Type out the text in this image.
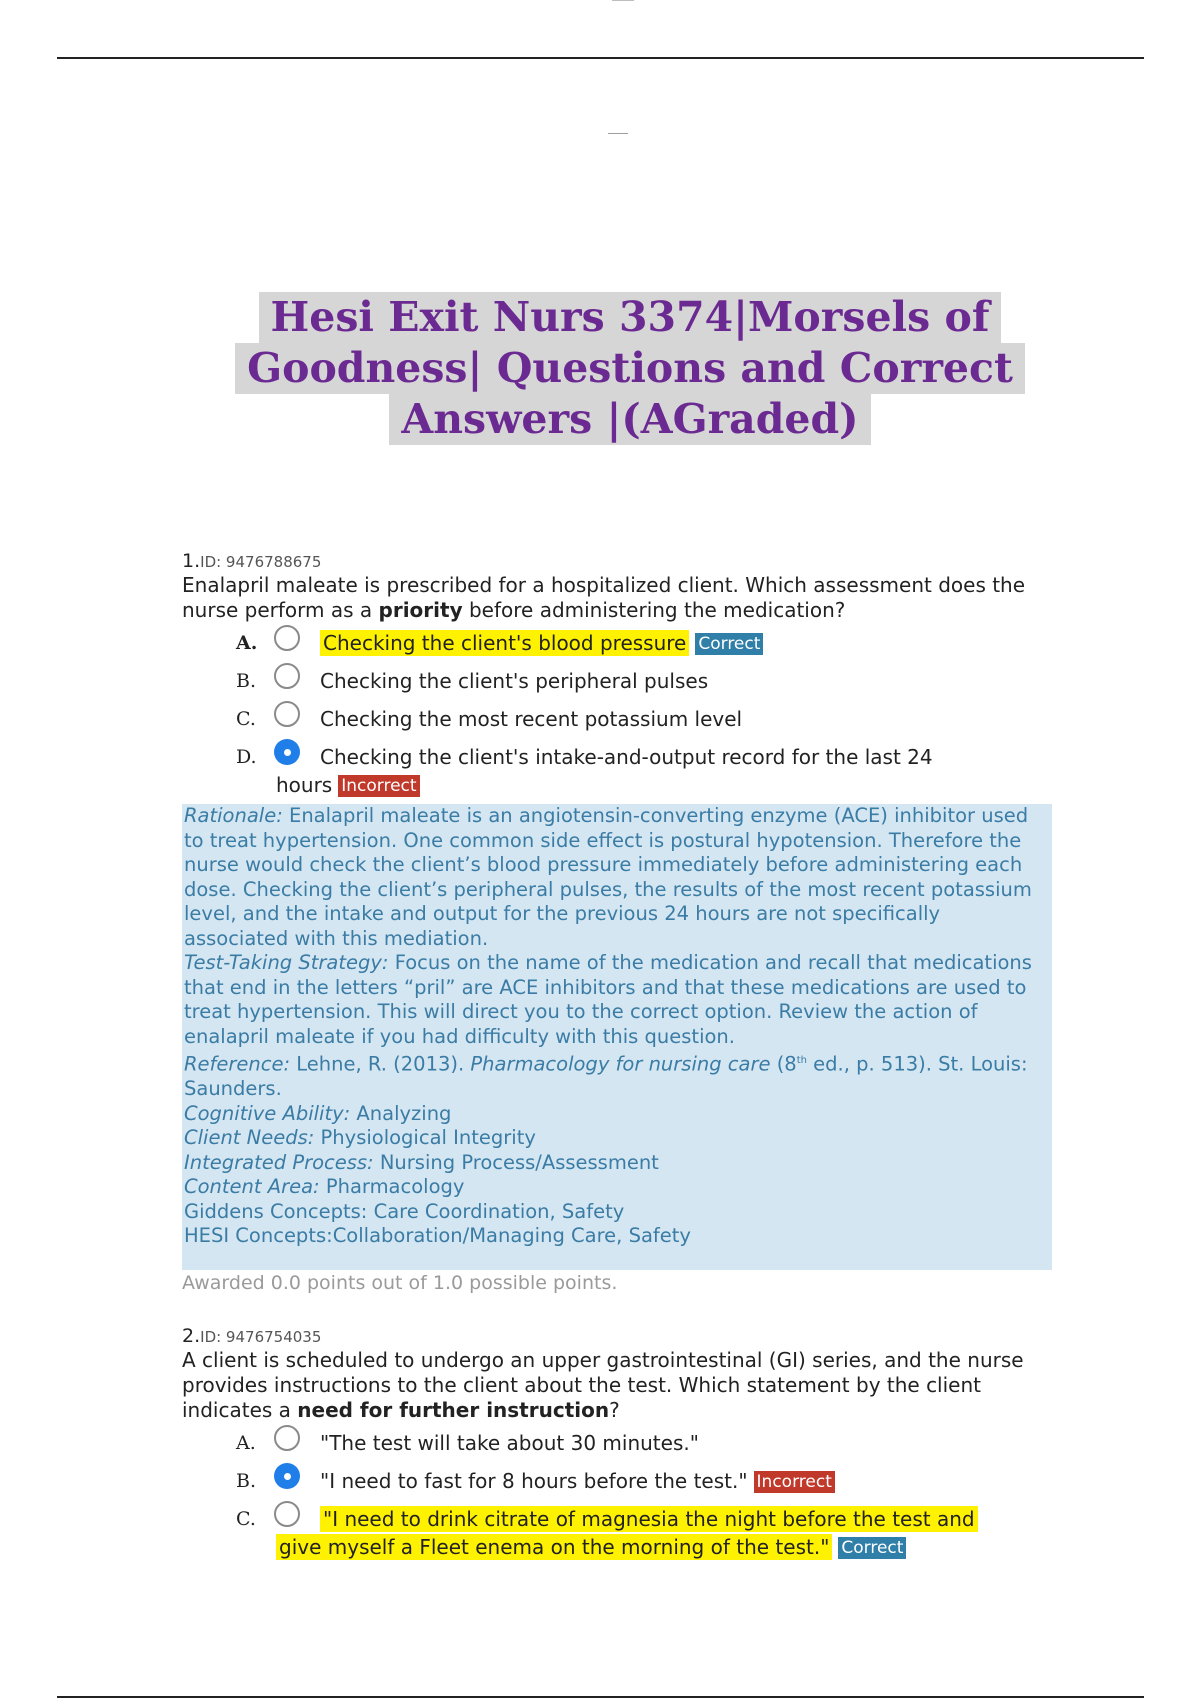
Hesi Exit Nurs 3374|Morsels of
Goodness| Questions and Correct
Answers |(AGraded)
1.ID: 9476788675
Enalapril maleate is prescribed for a hospitalized client. Which assessment does the nurse perform as a priority before administering the medication?
A.	Checking the client's blood pressure Correct
B.	Checking the client's peripheral pulses
C.	Checking the most recent potassium level
D.	Checking the client's intake-and-output record for the last 24
hours Incorrect

Rationale: Enalapril maleate is an angiotensin-converting enzyme (ACE) inhibitor used to treat hypertension. One common side effect is postural hypotension. Therefore the nurse would check the client’s blood pressure immediately before administering each dose. Checking the client’s peripheral pulses, the results of the most recent potassium level, and the intake and output for the previous 24 hours are not specifically associated with this mediation.

Test-Taking Strategy: Focus on the name of the medication and recall that medications that end in the letters “pril” are ACE inhibitors and that these medications are used to treat hypertension. This will direct you to the correct option. Review the action of enalapril maleate if you had difficulty with this question.

Reference: Lehne, R. (2013). Pharmacology for nursing care (8th ed., p. 513). St. Louis: Saunders.

Cognitive Ability: Analyzing

Client Needs: Physiological Integrity

Integrated Process: Nursing Process/Assessment

Content Area: Pharmacology

Giddens Concepts: Care Coordination, Safety

HESI Concepts:Collaboration/Managing Care, Safety

Awarded 0.0 points out of 1.0 possible points.
2.ID: 9476754035
A client is scheduled to undergo an upper gastrointestinal (GI) series, and the nurse provides instructions to the client about the test. Which statement by the client indicates a need for further instruction?
A.	"The test will take about 30 minutes."
B.	"I need to fast for 8 hours before the test." Incorrect
C.	"I need to drink citrate of magnesia the night before the test and
give myself a Fleet enema on the morning of the test." Correct
